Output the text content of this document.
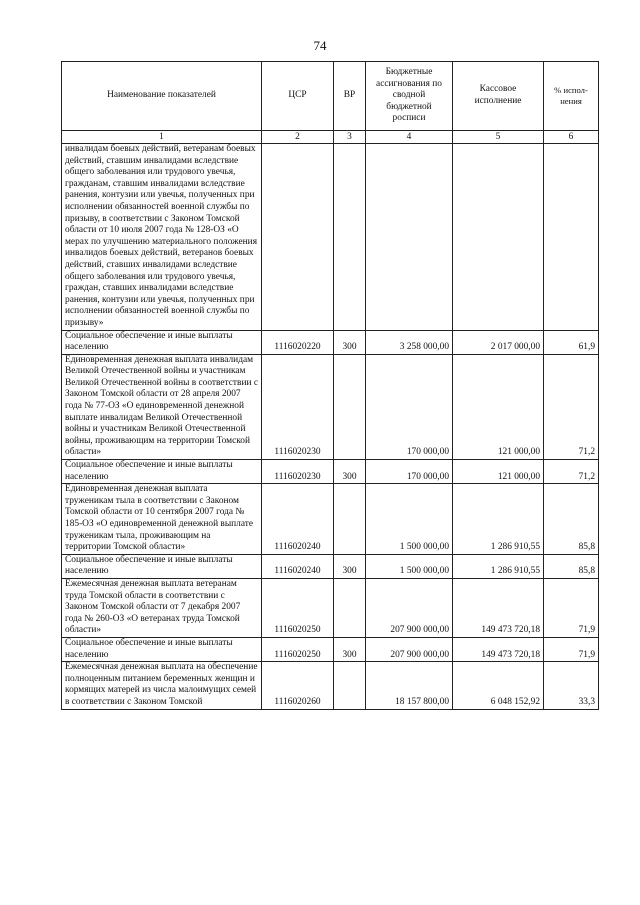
74
Наименование показателей	ЦСР	ВР	Бюджетные ассигнования по сводной бюджетной росписи	Кассовое исполнение	% испол-нения
1	2	3	4	5	6
инвалидам боевых действий, ветеранам боевых действий, ставшим инвалидами вследствие общего заболевания или трудового увечья, гражданам, ставшим инвалидами вследствие ранения, контузии или увечья, полученных при исполнении обязанностей военной службы по призыву, в соответствии с Законом Томской области от 10 июля 2007 года № 128-ОЗ «О мерах по улучшению материального положения инвалидов боевых действий, ветеранов боевых действий, ставших инвалидами вследствие общего заболевания или трудового увечья, граждан, ставших инвалидами вследствие ранения, контузии или увечья, полученных при исполнении обязанностей военной службы по призыву»					
Социальное обеспечение и иные выплаты населению	1116020220	300	3 258 000,00	2 017 000,00	61,9
Единовременная денежная выплата инвалидам Великой Отечественной войны и участникам Великой Отечественной войны в соответствии с Законом Томской области от 28 апреля 2007 года № 77-ОЗ «О единовременной денежной выплате инвалидам Великой Отечественной войны и участникам Великой Отечественной войны, проживающим на территории Томской области»	1116020230		170 000,00	121 000,00	71,2
Социальное обеспечение и иные выплаты населению	1116020230	300	170 000,00	121 000,00	71,2
Единовременная денежная выплата труженикам тыла в соответствии с Законом Томской области от 10 сентября 2007 года № 185-ОЗ «О единовременной денежной выплате труженикам тыла, проживающим на территории Томской области»	1116020240		1 500 000,00	1 286 910,55	85,8
Социальное обеспечение и иные выплаты населению	1116020240	300	1 500 000,00	1 286 910,55	85,8
Ежемесячная денежная выплата ветеранам труда Томской области в соответствии с Законом Томской области от 7 декабря 2007 года № 260-ОЗ «О ветеранах труда Томской области»	1116020250		207 900 000,00	149 473 720,18	71,9
Социальное обеспечение и иные выплаты населению	1116020250	300	207 900 000,00	149 473 720,18	71,9
Ежемесячная денежная выплата на обеспечение полноценным питанием беременных женщин и кормящих матерей из числа малоимущих семей в соответствии с Законом Томской	1116020260		18 157 800,00	6 048 152,92	33,3
